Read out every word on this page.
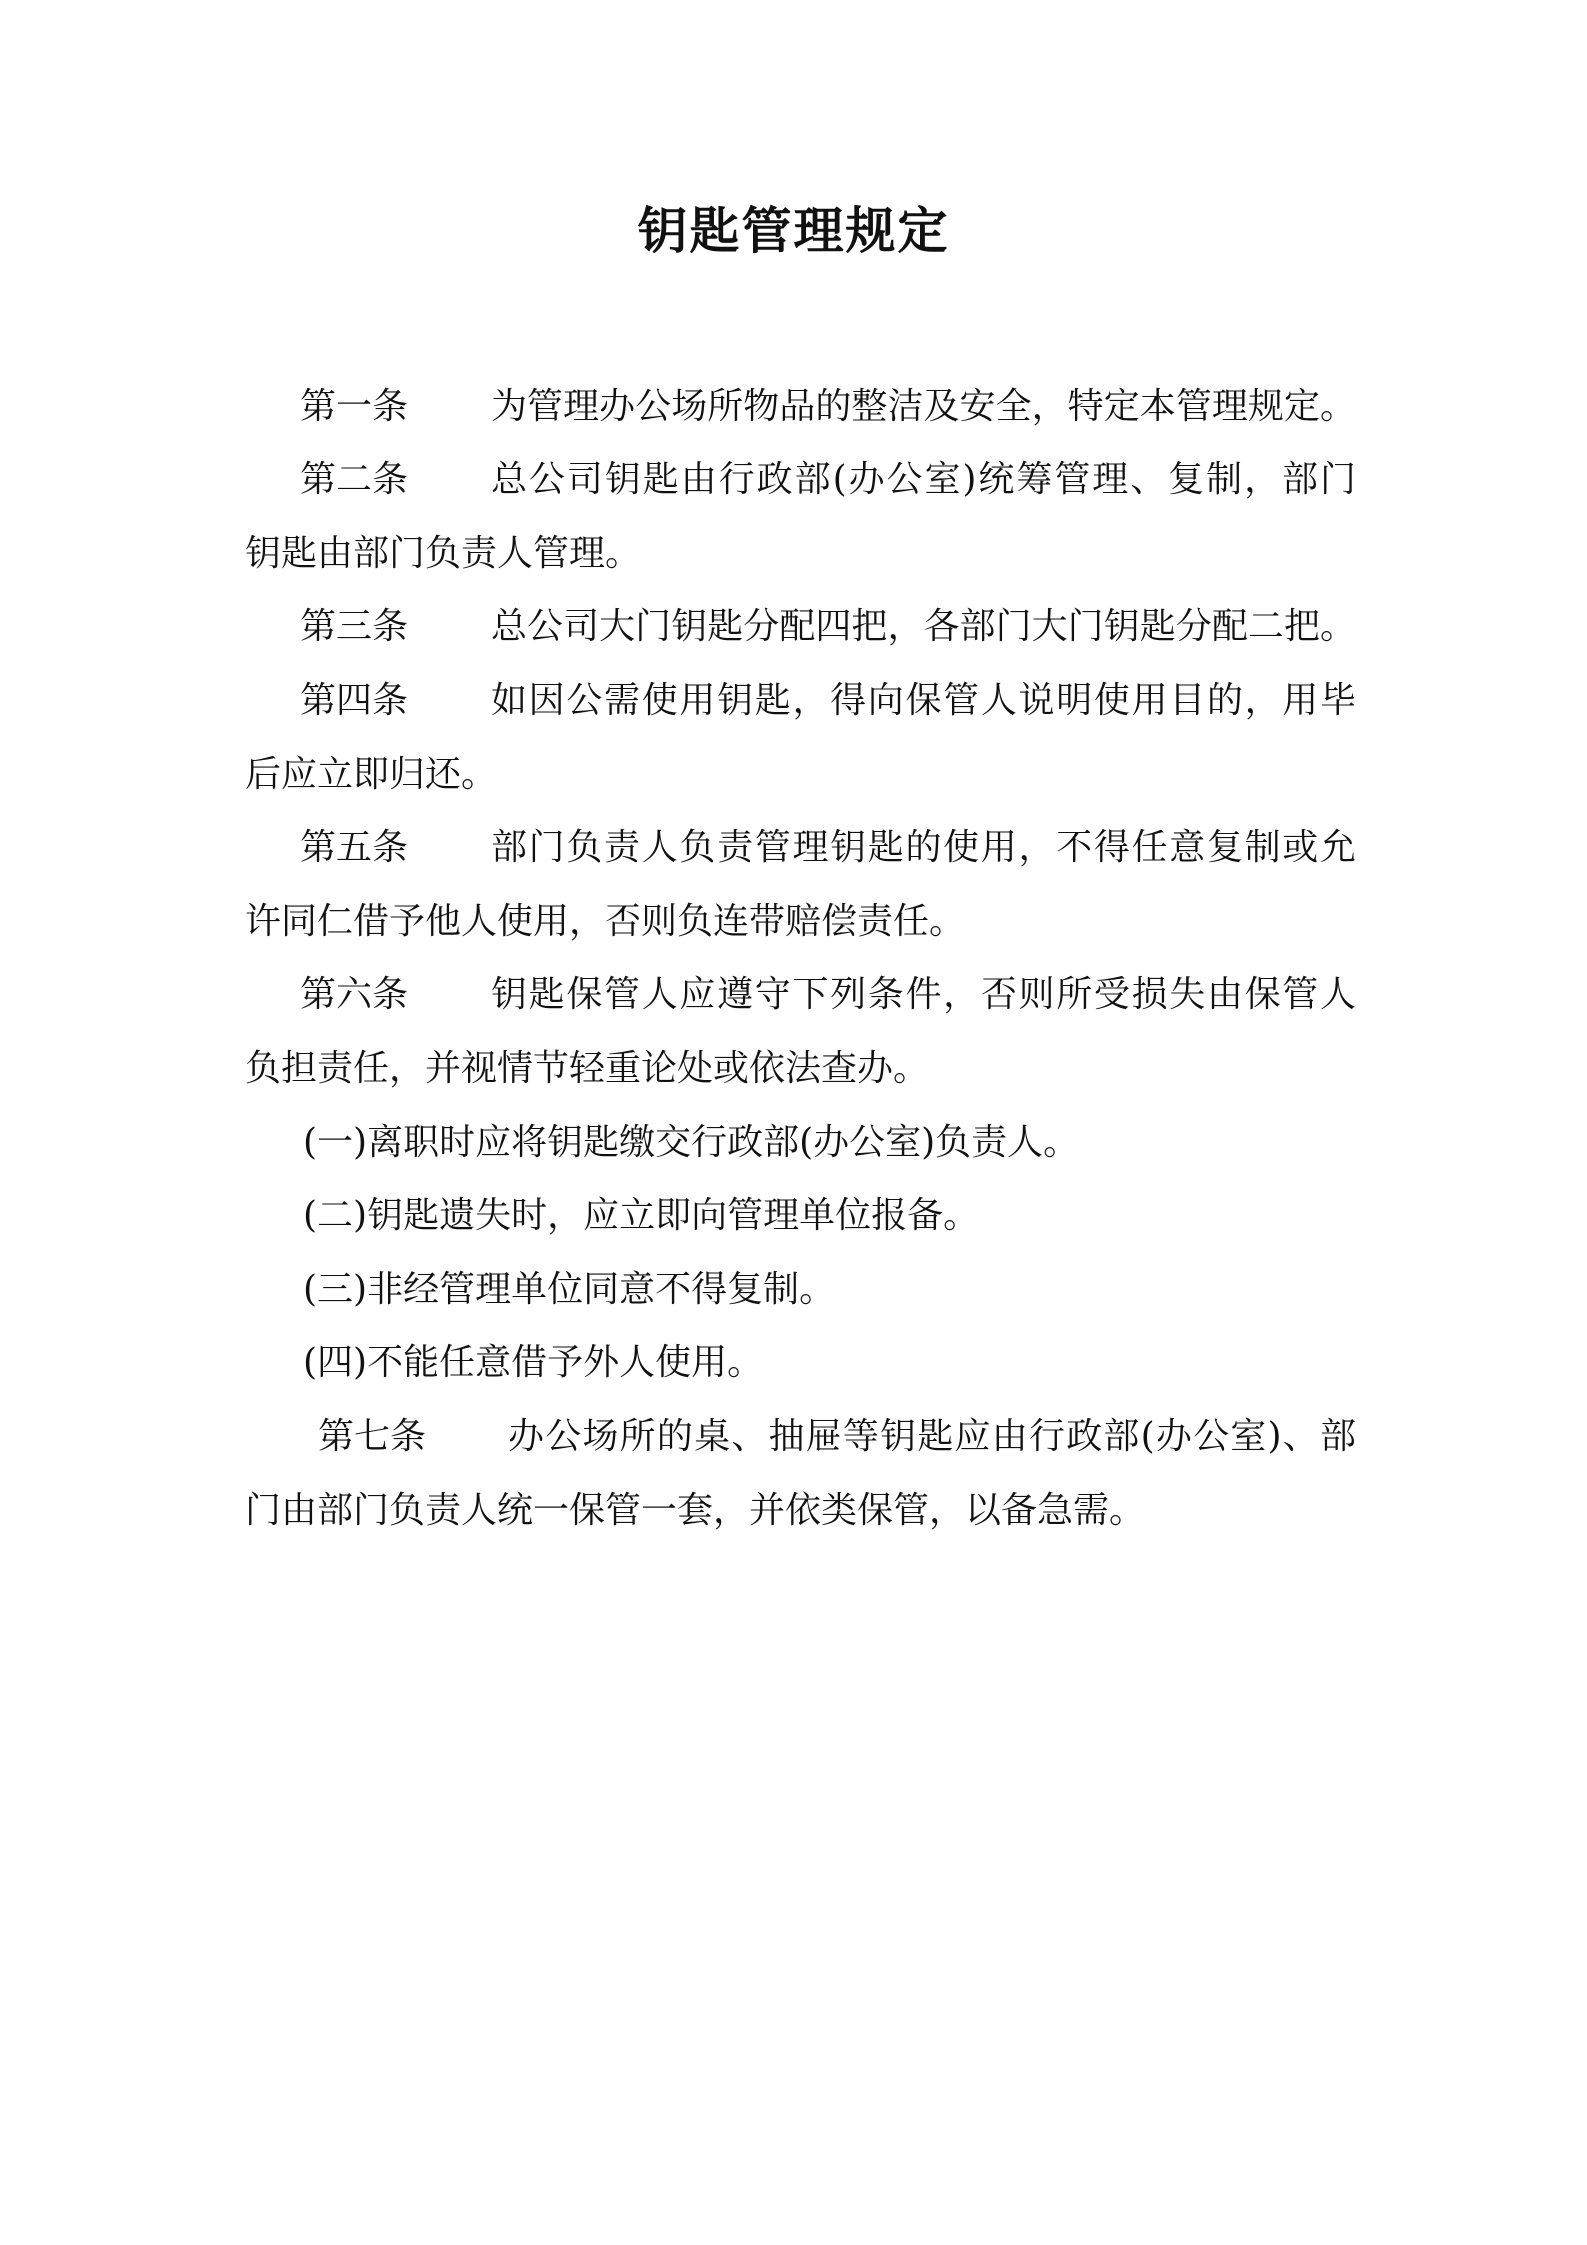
钥匙管理规定
第一条 为管理办公场所物品的整洁及安全，特定本管理规定。
第二条 总公司钥匙由行政部(办公室)统筹管理、复制，部门
钥匙由部门负责人管理。
第三条 总公司大门钥匙分配四把，各部门大门钥匙分配二把。
第四条 如因公需使用钥匙，得向保管人说明使用目的，用毕
后应立即归还。
第五条 部门负责人负责管理钥匙的使用，不得任意复制或允
许同仁借予他人使用，否则负连带赔偿责任。
第六条 钥匙保管人应遵守下列条件，否则所受损失由保管人
负担责任，并视情节轻重论处或依法查办。
(一)离职时应将钥匙缴交行政部(办公室)负责人。
(二)钥匙遗失时，应立即向管理单位报备。
(三)非经管理单位同意不得复制。
(四)不能任意借予外人使用。
第七条 办公场所的桌、抽屉等钥匙应由行政部(办公室)、部
门由部门负责人统一保管一套，并依类保管，以备急需。
